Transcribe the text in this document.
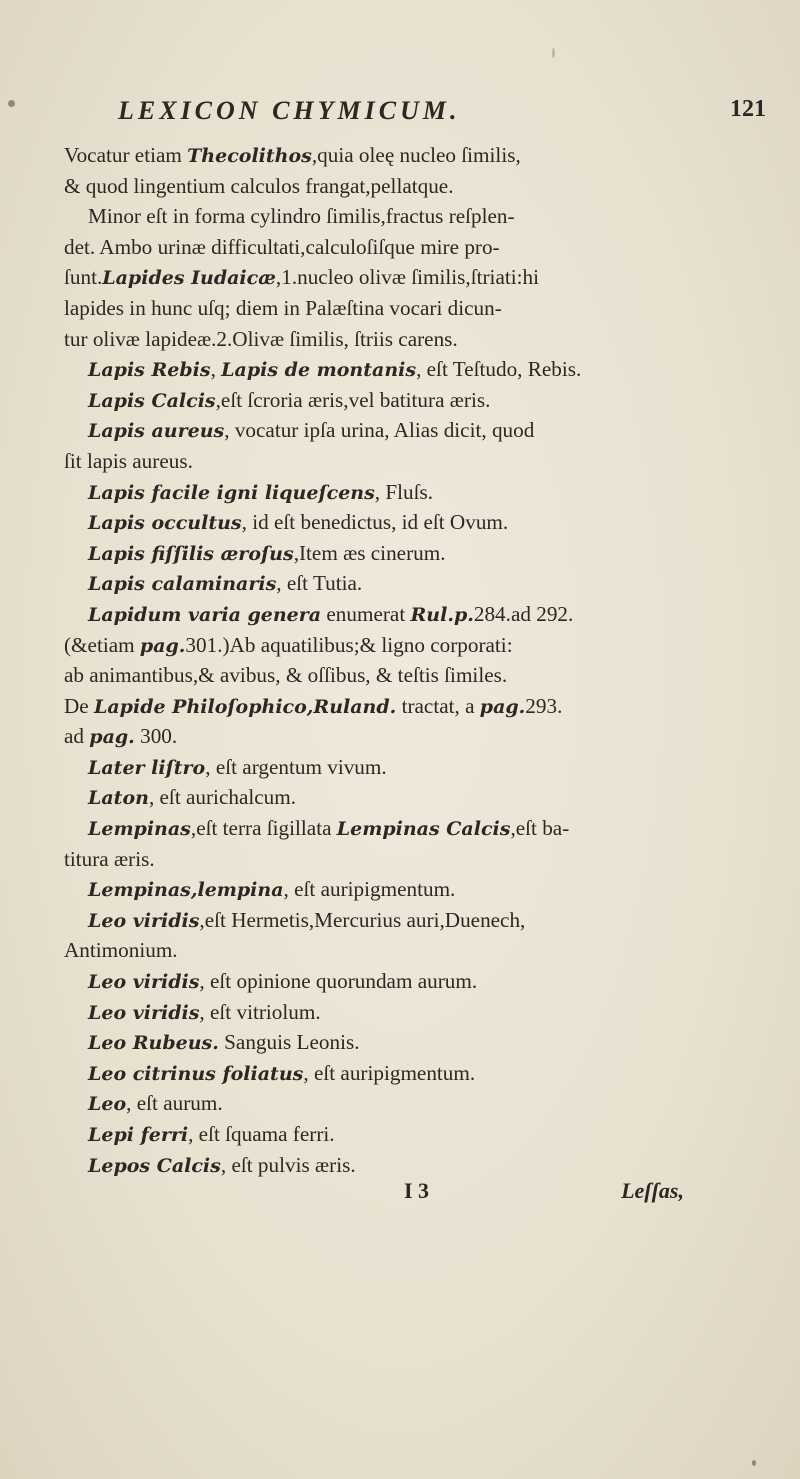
LEXICON CHYMICUM.	121
Vocatur etiam Thecolithos,quia oleę nucleo ſimilis,
& quod lingentium calculos frangat,pellatque.
Minor eſt in forma cylindro ſimilis,fractus reſplen-
det. Ambo urinæ difficultati,calculoſiſque mire pro-
ſunt.Lapides Iudaicæ,1.nucleo olivæ ſimilis,ſtriati:hi
lapides in hunc uſq; diem in Palæſtina vocari dicun-
tur olivæ lapideæ.2.Olivæ ſimilis, ſtriis carens.
Lapis Rebis, Lapis de montanis, eſt Teſtudo, Rebis.
Lapis Calcis,eſt ſcroria æris,vel batitura æris.
Lapis aureus, vocatur ipſa urina, Alias dicit, quod
ſit lapis aureus.
Lapis facile igni liqueſcens, Fluſs.
Lapis occultus, id eſt benedictus, id eſt Ovum.
Lapis fiſſilis æroſus,Item æs cinerum.
Lapis calaminaris, eſt Tutia.
Lapidum varia genera enumerat Rul.p.284.ad 292.
(&etiam pag.301.)Ab aquatilibus;& ligno corporati:
ab animantibus,& avibus, & oſſibus, & teſtis ſimiles.
De Lapide Philoſophico,Ruland. tractat, a pag.293.
ad pag. 300.
Later liſtro, eſt argentum vivum.
Laton, eſt aurichalcum.
Lempinas,eſt terra ſigillata Lempinas Calcis,eſt ba-
titura æris.
Lempinas,lempina, eſt auripigmentum.
Leo viridis,eſt Hermetis,Mercurius auri,Duenech,
Antimonium.
Leo viridis, eſt opinione quorundam aurum.
Leo viridis, eſt vitriolum.
Leo Rubeus. Sanguis Leonis.
Leo citrinus foliatus, eſt auripigmentum.
Leo, eſt aurum.
Lepi ferri, eſt ſquama ferri.
Lepos Calcis, eſt pulvis æris.
I 3	Leſſas,
